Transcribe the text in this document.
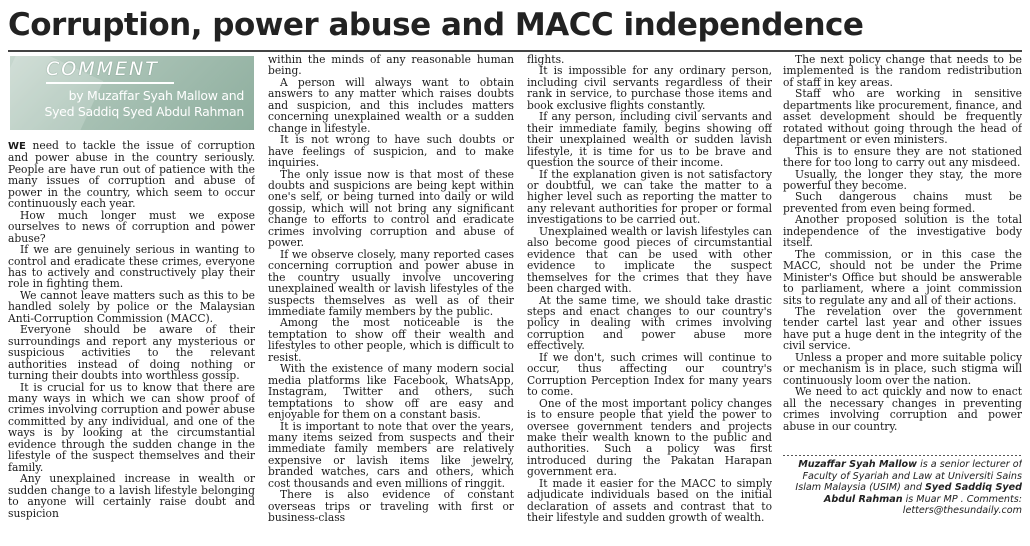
Corruption, power abuse and MACC independence
COMMENT
by Muzaffar Syah Mallow and
Syed Saddiq Syed Abdul Rahman

WE need to tackle the issue of corruption and power abuse in the country seriously. People are have run out of patience with the many issues of corruption and abuse of power in the country, which seem to occur continuously each year.

How much longer must we expose ourselves to news of corruption and power abuse?

If we are genuinely serious in wanting to control and eradicate these crimes, everyone has to actively and constructively play their role in fighting them.

We cannot leave matters such as this to be handled solely by police or the Malaysian Anti-Corruption Commission (MACC).

Everyone should be aware of their surroundings and report any mysterious or suspicious activities to the relevant authorities instead of doing nothing or turning their doubts into worthless gossip.

It is crucial for us to know that there are many ways in which we can show proof of crimes involving corruption and power abuse committed by any individual, and one of the ways is by looking at the circumstantial evidence through the sudden change in the lifestyle of the suspect themselves and their family.

Any unexplained increase in wealth or sudden change to a lavish lifestyle belonging to anyone will certainly raise doubt and suspicion

within the minds of any reasonable human being.

A person will always want to obtain answers to any matter which raises doubts and suspicion, and this includes matters concerning unexplained wealth or a sudden change in lifestyle.

It is not wrong to have such doubts or have feelings of suspicion, and to make inquiries.

The only issue now is that most of these doubts and suspicions are being kept within one's self, or being turned into daily or wild gossip, which will not bring any significant change to efforts to control and eradicate crimes involving corruption and abuse of power.

If we observe closely, many reported cases concerning corruption and power abuse in the country usually involve uncovering unexplained wealth or lavish lifestyles of the suspects themselves as well as of their immediate family members by the public.

Among the most noticeable is the temptation to show off their wealth and lifestyles to other people, which is difficult to resist.

With the existence of many modern social media platforms like Facebook, WhatsApp, Instagram, Twitter and others, such temptations to show off are easy and enjoyable for them on a constant basis.

It is important to note that over the years, many items seized from suspects and their immediate family members are relatively expensive or lavish items like jewelry, branded watches, cars and others, which cost thousands and even millions of ringgit.

There is also evidence of constant overseas trips or traveling with first or business-class

flights.

It is impossible for any ordinary person, including civil servants regardless of their rank in service, to purchase those items and book exclusive flights constantly.

If any person, including civil servants and their immediate family, begins showing off their unexplained wealth or sudden lavish lifestyle, it is time for us to be brave and question the source of their income.

If the explanation given is not satisfactory or doubtful, we can take the matter to a higher level such as reporting the matter to any relevant authorities for proper or formal investigations to be carried out.

Unexplained wealth or lavish lifestyles can also become good pieces of circumstantial evidence that can be used with other evidence to implicate the suspect themselves for the crimes that they have been charged with.

At the same time, we should take drastic steps and enact changes to our country's policy in dealing with crimes involving corruption and power abuse more effectively.

If we don't, such crimes will continue to occur, thus affecting our country's Corruption Perception Index for many years to come.

One of the most important policy changes is to ensure people that yield the power to oversee government tenders and projects make their wealth known to the public and authorities. Such a policy was first introduced during the Pakatan Harapan government era.

It made it easier for the MACC to simply adjudicate individuals based on the initial declaration of assets and contrast that to their lifestyle and sudden growth of wealth.

The next policy change that needs to be implemented is the random redistribution of staff in key areas.

Staff who are working in sensitive departments like procurement, finance, and asset development should be frequently rotated without going through the head of department or even ministers.

This is to ensure they are not stationed there for too long to carry out any misdeed.

Usually, the longer they stay, the more powerful they become.

Such dangerous chains must be prevented from even being formed.

Another proposed solution is the total independence of the investigative body itself.

The commission, or in this case the MACC, should not be under the Prime Minister's Office but should be answerable to parliament, where a joint commission sits to regulate any and all of their actions.

The revelation over the government tender cartel last year and other issues have put a huge dent in the integrity of the civil service.

Unless a proper and more suitable policy or mechanism is in place, such stigma will continuously loom over the nation.

We need to act quickly and now to enact all the necessary changes in preventing crimes involving corruption and power abuse in our country.

Muzaffar Syah Mallow is a senior lecturer of Faculty of Syariah and Law at Universiti Sains Islam Malaysia (USIM) and Syed Saddiq Syed Abdul Rahman is Muar MP . Comments: letters@thesundaily.com
